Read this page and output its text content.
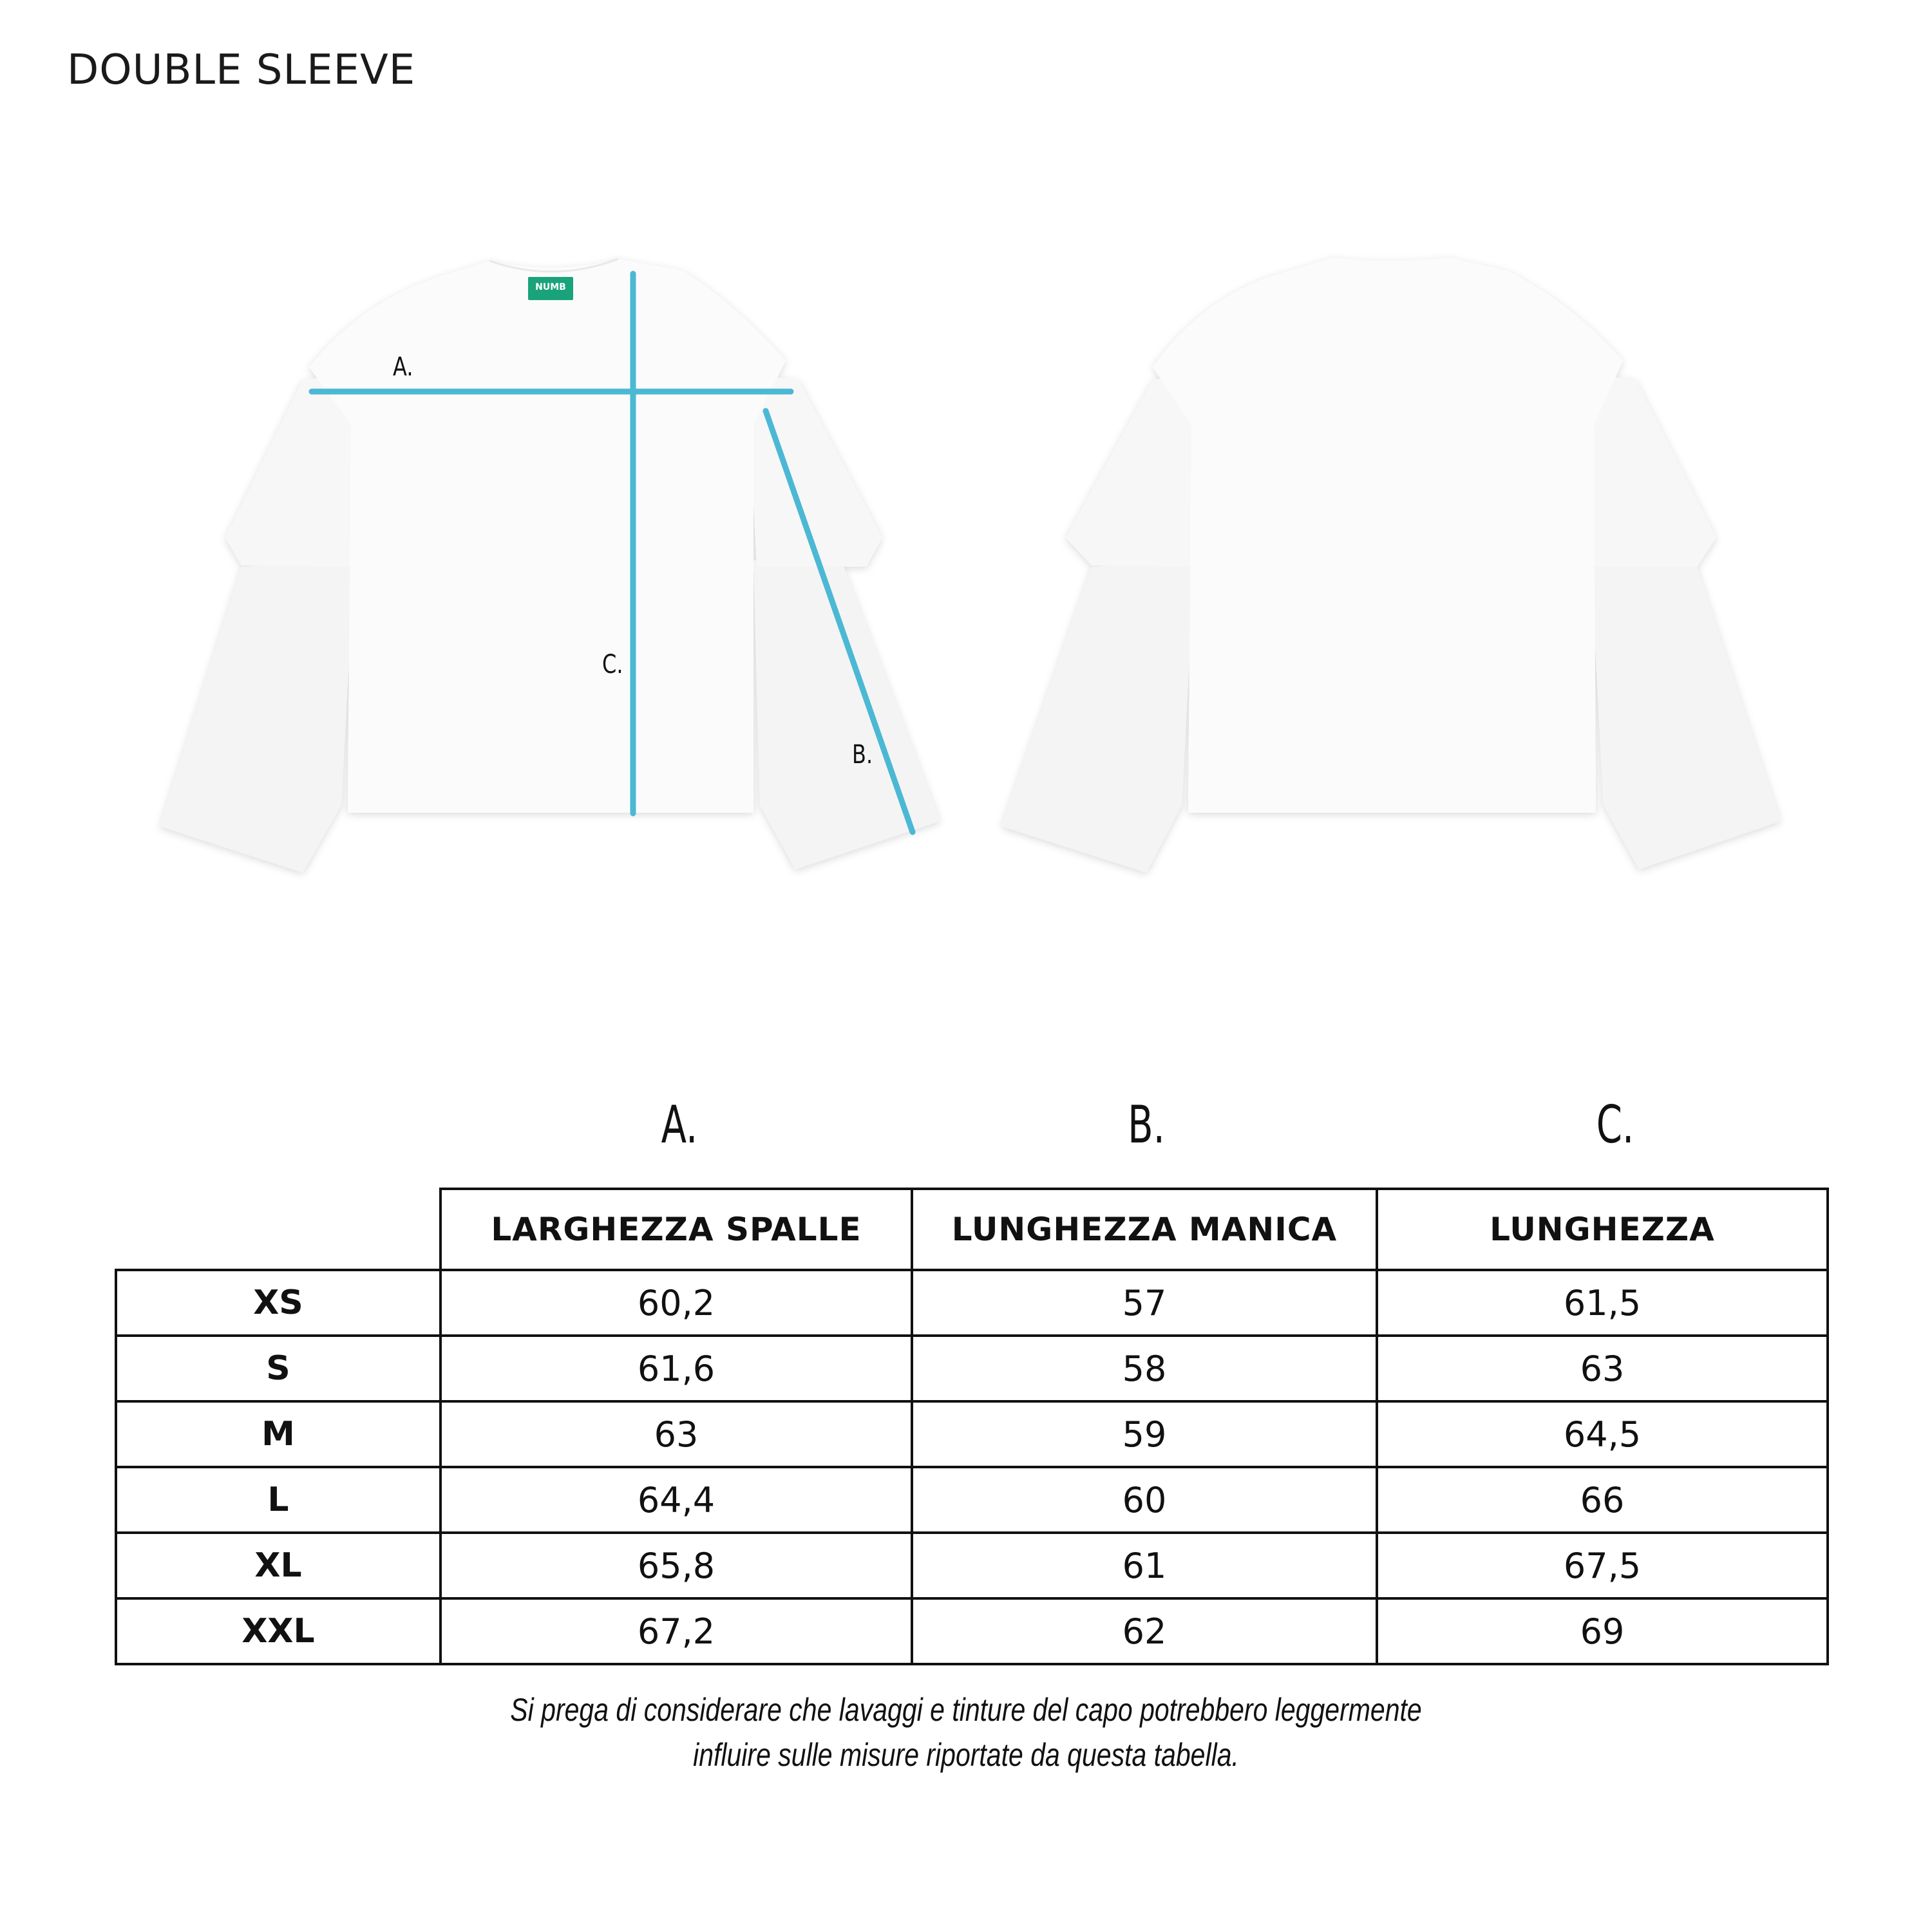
DOUBLE SLEEVE
NUMB
A.
C.
B.
A.	B.	C.
	LARGHEZZA SPALLE	LUNGHEZZA MANICA	LUNGHEZZA
XS	60,2	57	61,5
S	61,6	58	63
M	63	59	64,5
L	64,4	60	66
XL	65,8	61	67,5
XXL	67,2	62	69
Si prega di considerare che lavaggi e tinture del capo potrebbero leggermente
influire sulle misure riportate da questa tabella.
